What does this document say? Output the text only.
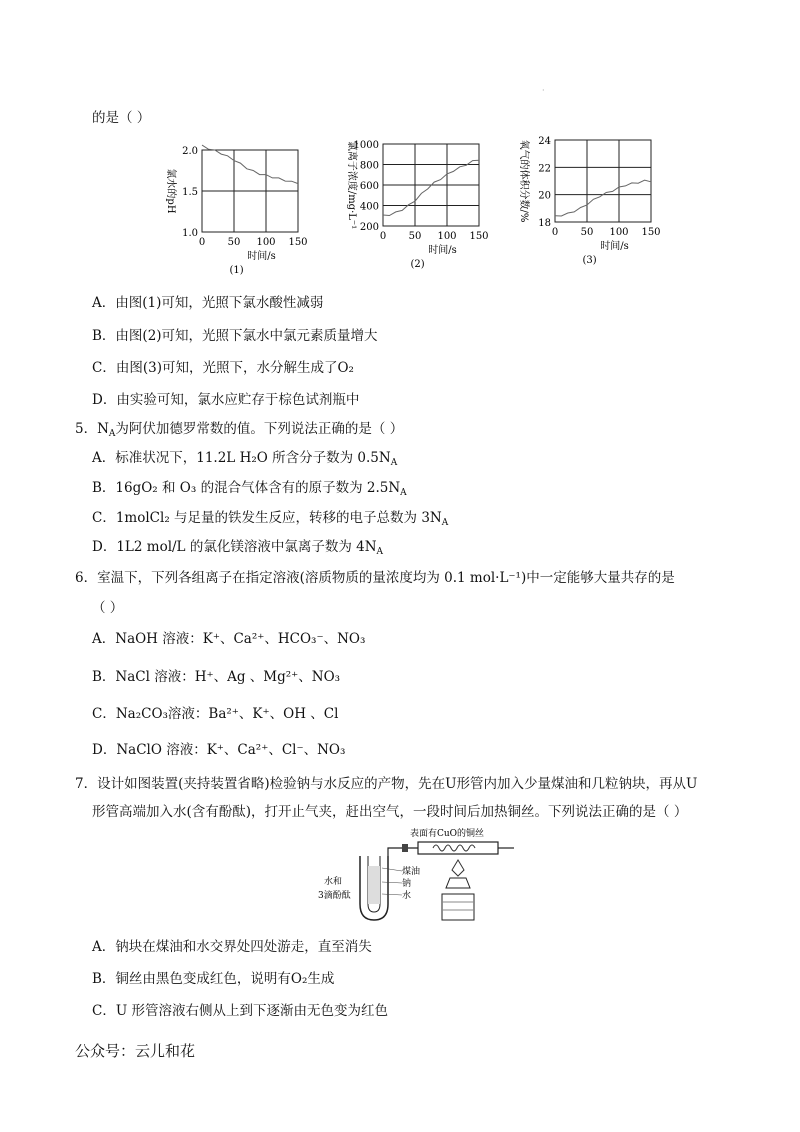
的是（ ）
·
0 50 100 150
1.0
1.5
2.0
时间/s
(1)
氯水的pH
0 50 100 150
200
400
600
800
1000
时间/s
(2)
氯离子浓度/mg·L⁻¹
0 50 100 150
18
20
22
24
时间/s
(3)
氧气的体积分数/%
A．由图(1)可知，光照下氯水酸性减弱
B．由图(2)可知，光照下氯水中氯元素质量增大
C．由图(3)可知，光照下，水分解生成了O₂
D．由实验可知，氯水应贮存于棕色试剂瓶中
5．$N_A$为阿伏加德罗常数的值。下列说法正确的是（ ）
A．标准状况下，11.2L H₂O 所含分子数为 $0.5N_A$
B．16gO₂ 和 O₃ 的混合气体含有的原子数为 $2.5N_A$
C．1molCl₂ 与足量的铁发生反应，转移的电子总数为 $3N_A$
D．1L2 mol/L 的氯化镁溶液中氯离子数为 $4N_A$
6．室温下，下列各组离子在指定溶液(溶质物质的量浓度均为 0.1 mol·L⁻¹)中一定能够大量共存的是
（ ）
A．NaOH 溶液：K⁺、Ca²⁺、HCO₃⁻、NO₃
B．NaCl 溶液：H⁺、Ag 、Mg²⁺、NO₃
C．Na₂CO₃溶液：Ba²⁺、K⁺、OH 、Cl
D．NaClO 溶液：K⁺、Ca²⁺、Cl⁻、NO₃
7．设计如图装置(夹持装置省略)检验钠与水反应的产物，先在U形管内加入少量煤油和几粒钠块，再从U
形管高端加入水(含有酚酞)，打开止气夹，赶出空气，一段时间后加热铜丝。下列说法正确的是（ ）
表面有CuO的铜丝
水和
3滴酚酞
煤油
钠
水
A．钠块在煤油和水交界处四处游走，直至消失
B．铜丝由黑色变成红色，说明有O₂生成
C．U 形管溶液右侧从上到下逐渐由无色变为红色
公众号：云儿和花
